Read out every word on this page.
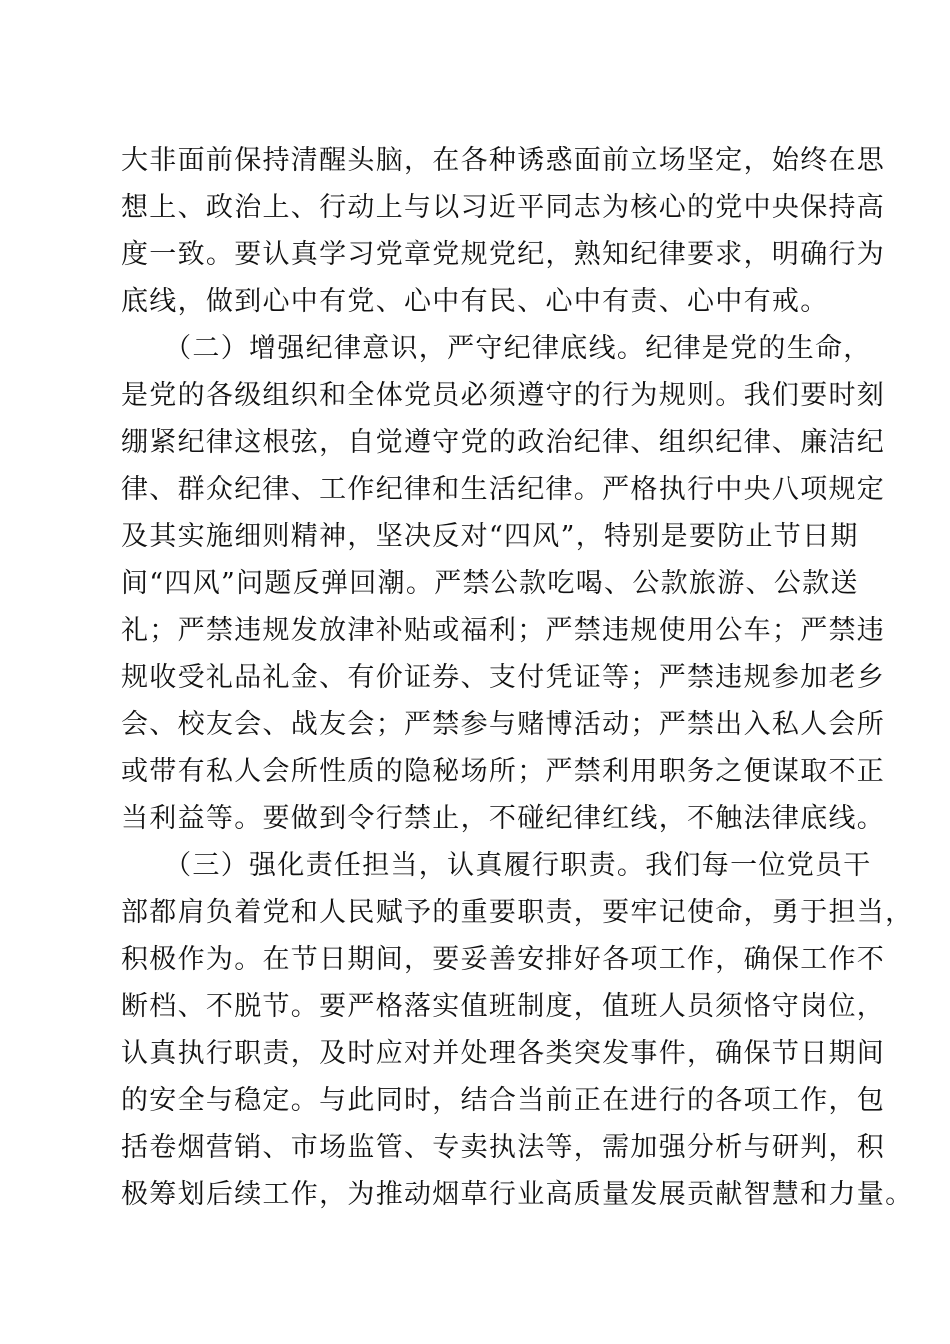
大非面前保持清醒头脑，在各种诱惑面前立场坚定，始终在思
想上、政治上、行动上与以习近平同志为核心的党中央保持高
度一致。要认真学习党章党规党纪，熟知纪律要求，明确行为
底线，做到心中有党、心中有民、心中有责、心中有戒。
　　（二）增强纪律意识，严守纪律底线。纪律是党的生命，
是党的各级组织和全体党员必须遵守的行为规则。我们要时刻
绷紧纪律这根弦，自觉遵守党的政治纪律、组织纪律、廉洁纪
律、群众纪律、工作纪律和生活纪律。严格执行中央八项规定
及其实施细则精神，坚决反对“四风”，特别是要防止节日期
间“四风”问题反弹回潮。严禁公款吃喝、公款旅游、公款送
礼；严禁违规发放津补贴或福利；严禁违规使用公车；严禁违
规收受礼品礼金、有价证券、支付凭证等；严禁违规参加老乡
会、校友会、战友会；严禁参与赌博活动；严禁出入私人会所
或带有私人会所性质的隐秘场所；严禁利用职务之便谋取不正
当利益等。要做到令行禁止，不碰纪律红线，不触法律底线。
　　（三）强化责任担当，认真履行职责。我们每一位党员干
部都肩负着党和人民赋予的重要职责，要牢记使命，勇于担当，
积极作为。在节日期间，要妥善安排好各项工作，确保工作不
断档、不脱节。要严格落实值班制度，值班人员须恪守岗位，
认真执行职责，及时应对并处理各类突发事件，确保节日期间
的安全与稳定。与此同时，结合当前正在进行的各项工作，包
括卷烟营销、市场监管、专卖执法等，需加强分析与研判，积
极筹划后续工作，为推动烟草行业高质量发展贡献智慧和力量。
